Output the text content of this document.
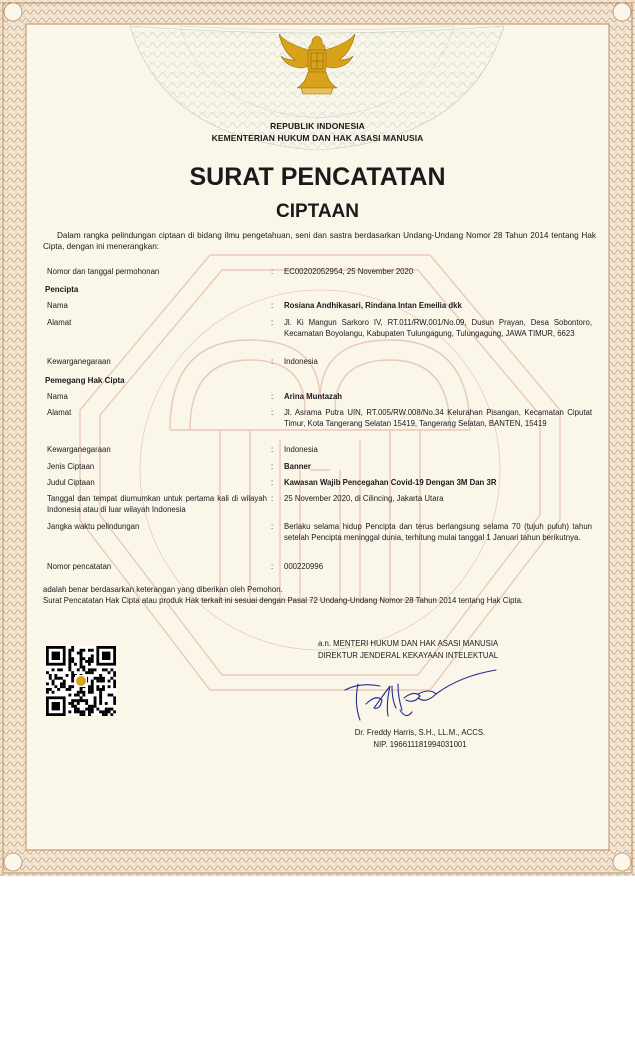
REPUBLIK INDONESIA
KEMENTERIAN HUKUM DAN HAK ASASI MANUSIA
SURAT PENCATATAN
CIPTAAN
Dalam rangka pelindungan ciptaan di bidang ilmu pengetahuan, seni dan sastra berdasarkan Undang-Undang Nomor 28 Tahun 2014 tentang Hak Cipta, dengan ini menerangkan:
Nomor dan tanggal permohonan	: EC00202052954, 25 November 2020
Pencipta
Nama	: Rosiana Andhikasari, Rindana Intan Emeilia dkk
Alamat	: Jl. Ki Mangun Sarkoro IV, RT.011/RW.001/No.09, Dusun Prayan, Desa Sobontoro, Kecamatan Boyolangu, Kabupaten Tulungagung, Tulungagung, JAWA TIMUR, 6623
Kewarganegaraan	: Indonesia
Pemegang Hak Cipta
Nama	: Arina Muntazah
Alamat	: Jl. Asrama Putra UIN, RT.005/RW.008/No.34 Kelurahan Pisangan, Kecamatan Ciputat Timur, Kota Tangerang Selatan 15419, Tangerang Selatan, BANTEN, 15419
Kewarganegaraan	: Indonesia
Jenis Ciptaan	: Banner
Judul Ciptaan	: Kawasan Wajib Pencegahan Covid-19 Dengan 3M Dan 3R
Tanggal dan tempat diumumkan untuk pertama kali di wilayah Indonesia atau di luar wilayah Indonesia
: 25 November 2020, di Cilincing, Jakarta Utara
Jangka waktu pelindungan	: Berlaku selama hidup Pencipta dan terus berlangsung selama 70 (tujuh puluh) tahun setelah Pencipta meninggal dunia, terhitung mulai tanggal 1 Januari tahun berikutnya.
Nomor pencatatan	: 000220996
adalah benar berdasarkan keterangan yang diberikan oleh Pemohon.
Surat Pencatatan Hak Cipta atau produk Hak terkait ini sesuai dengan Pasal 72 Undang-Undang Nomor 28 Tahun 2014 tentang Hak Cipta.
a.n. MENTERI HUKUM DAN HAK ASASI MANUSIA
DIREKTUR JENDERAL KEKAYAAN INTELEKTUAL
Dr. Freddy Harris, S.H., LL.M., ACCS.
NIP. 196611181994031001
